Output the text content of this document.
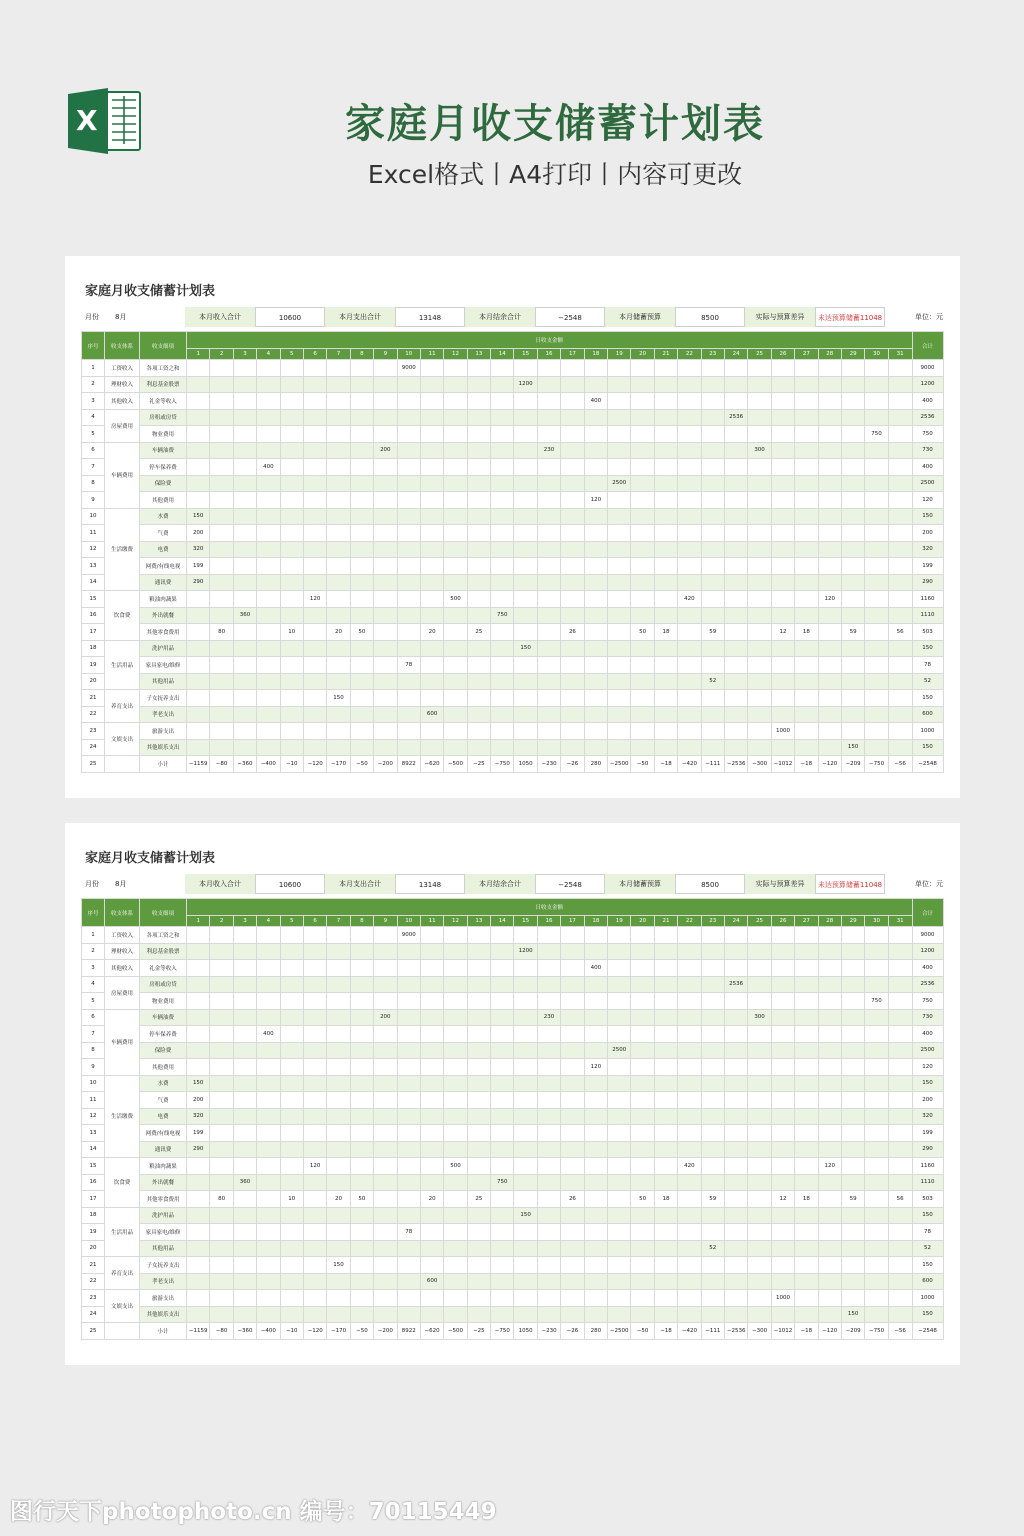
X	家庭月收支储蓄计划表
Excel格式丨A4打印丨内容可更改
家庭月收支储蓄计划表
月份	8月	本月收入合计	10600	本月支出合计	13148	本月结余合计	−2548	本月储蓄预算	8500	实际与预算差异	未达预算储蓄11048	单位：元
序号	收支体系	收支细项	日收支金额																															合计
			1	2	3	4	5	6	7	8	9	10	11	12	13	14	15	16	17	18	19	20	21	22	23	24	25	26	27	28	29	30	31	
1	工资收入	各项工资之和										9000																						9000
2	理财收入	利息基金股票															1200																	1200
3	其他收入	礼金等收入																		400														400
4	房屋费用	房租或房贷																								2536								2536
5		物业费用																														750		750
6	车辆费用	车辆油费									200							230									300							730
7		停车保养费				400																												400
8		保险费																			2500													2500
9		其他费用																		120														120
10	生活缴费	水费	150																															150
11		气费	200																															200
12		电费	320																															320
13		网费/有线电视	199																															199
14		通讯费	290																															290
15	饮食费	粮油肉蔬果						120						500										420						120				1160
16		外出就餐			360											750																		1110
17		其他零食费用		80			10		20	50			20		25				26			50	18		59			12	18		59		56	503
18	生活用品	洗护用品															150																	150
19		家具家电/维修										78																						78
20		其他用品																							52									52
21	养育支出	子女抚养支出							150																									150
22		孝老支出											600																					600
23	文娱支出	旅游支出																										1000						1000
24		其他娱乐支出																													150			150
25		小计	−1159	−80	−360	−400	−10	−120	−170	−50	−200	8922	−620	−500	−25	−750	1050	−230	−26	280	−2500	−50	−18	−420	−111	−2536	−300	−1012	−18	−120	−209	−750	−56	−2548
家庭月收支储蓄计划表
月份	8月	本月收入合计	10600	本月支出合计	13148	本月结余合计	−2548	本月储蓄预算	8500	实际与预算差异	未达预算储蓄11048	单位：元
序号	收支体系	收支细项	日收支金额																															合计
			1	2	3	4	5	6	7	8	9	10	11	12	13	14	15	16	17	18	19	20	21	22	23	24	25	26	27	28	29	30	31	
1	工资收入	各项工资之和										9000																						9000
2	理财收入	利息基金股票															1200																	1200
3	其他收入	礼金等收入																		400														400
4	房屋费用	房租或房贷																								2536								2536
5		物业费用																														750		750
6	车辆费用	车辆油费									200							230									300							730
7		停车保养费				400																												400
8		保险费																			2500													2500
9		其他费用																		120														120
10	生活缴费	水费	150																															150
11		气费	200																															200
12		电费	320																															320
13		网费/有线电视	199																															199
14		通讯费	290																															290
15	饮食费	粮油肉蔬果						120						500										420						120				1160
16		外出就餐			360											750																		1110
17		其他零食费用		80			10		20	50			20		25				26			50	18		59			12	18		59		56	503
18	生活用品	洗护用品															150																	150
19		家具家电/维修										78																						78
20		其他用品																							52									52
21	养育支出	子女抚养支出							150																									150
22		孝老支出											600																					600
23	文娱支出	旅游支出																										1000						1000
24		其他娱乐支出																													150			150
25		小计	−1159	−80	−360	−400	−10	−120	−170	−50	−200	8922	−620	−500	−25	−750	1050	−230	−26	280	−2500	−50	−18	−420	−111	−2536	−300	−1012	−18	−120	−209	−750	−56	−2548
图行天下photophoto.cn 编号：70115449
